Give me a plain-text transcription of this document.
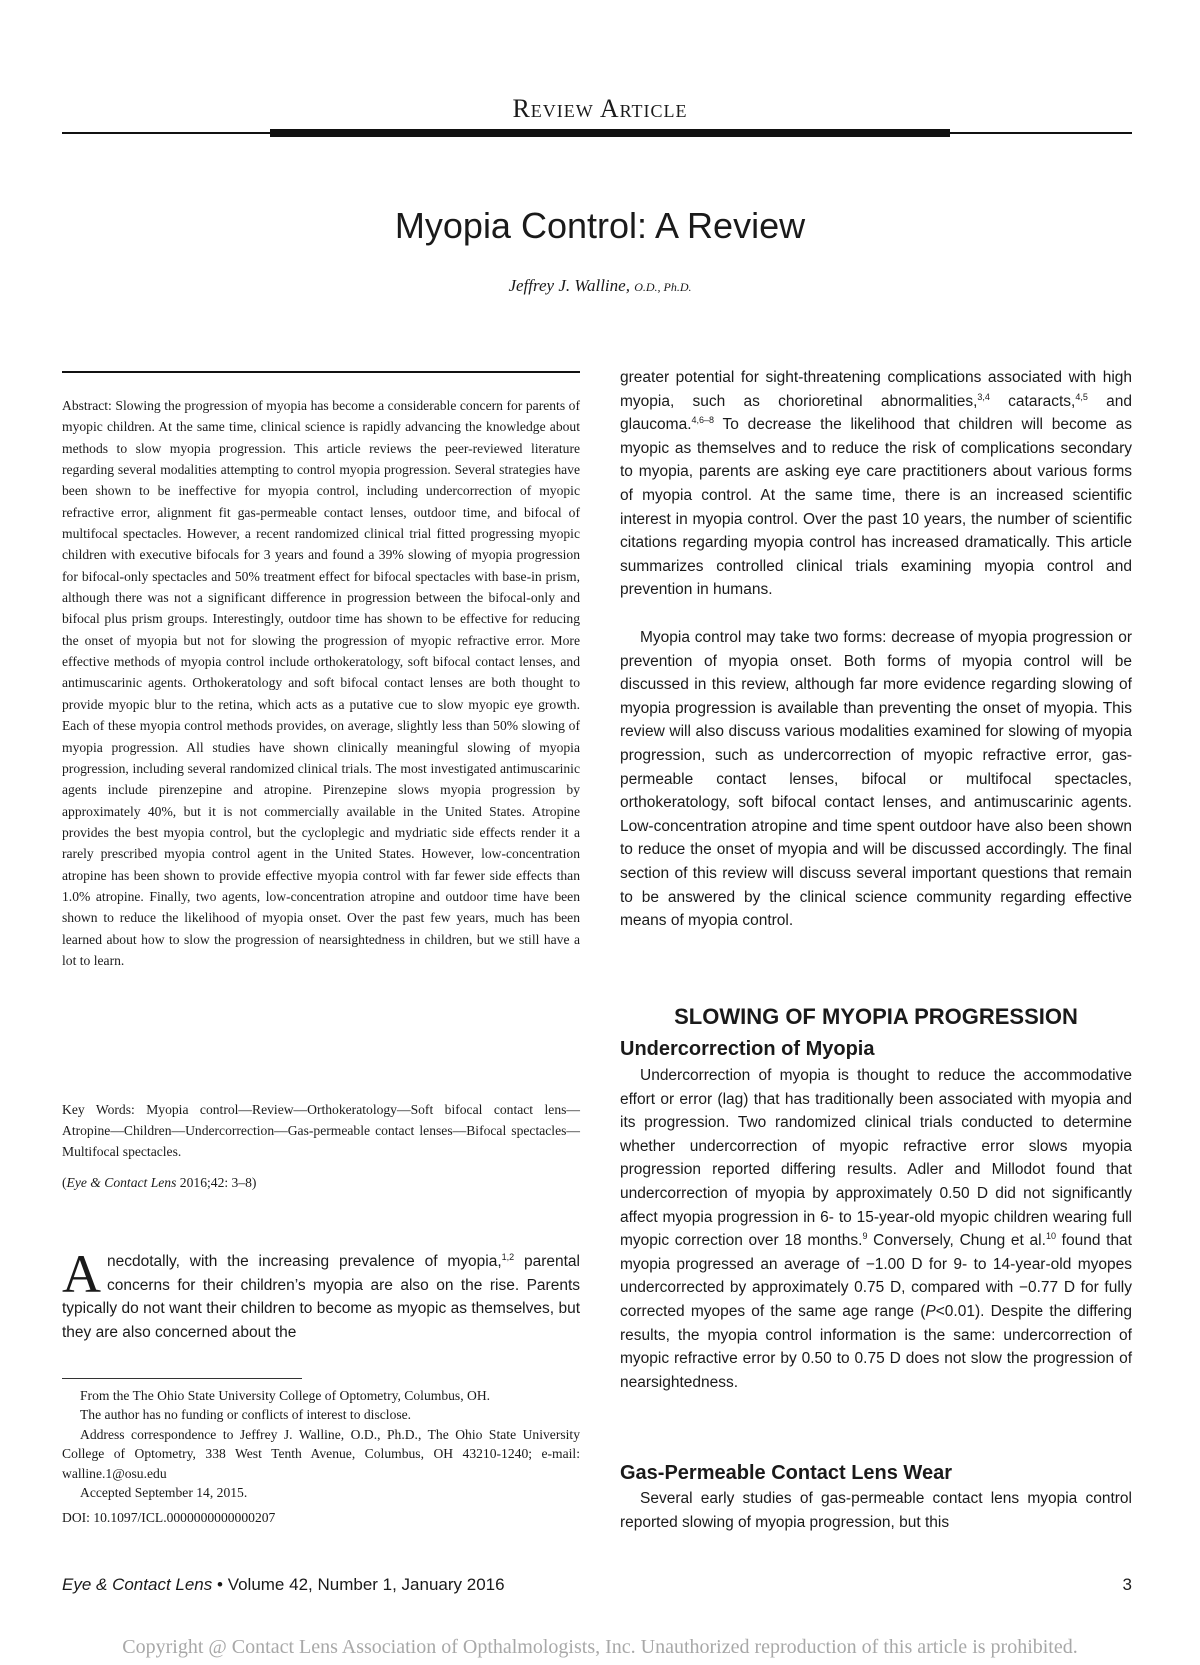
Review Article
Myopia Control: A Review
Jeffrey J. Walline, O.D., Ph.D.
Abstract: Slowing the progression of myopia has become a considerable concern for parents of myopic children. At the same time, clinical science is rapidly advancing the knowledge about methods to slow myopia progression. This article reviews the peer-reviewed literature regarding several modalities attempting to control myopia progression. Several strategies have been shown to be ineffective for myopia control, including undercorrection of myopic refractive error, alignment fit gas-permeable contact lenses, outdoor time, and bifocal of multifocal spectacles. However, a recent randomized clinical trial fitted progressing myopic children with executive bifocals for 3 years and found a 39% slowing of myopia progression for bifocal-only spectacles and 50% treatment effect for bifocal spectacles with base-in prism, although there was not a significant difference in progression between the bifocal-only and bifocal plus prism groups. Interestingly, outdoor time has shown to be effective for reducing the onset of myopia but not for slowing the progression of myopic refractive error. More effective methods of myopia control include orthokeratology, soft bifocal contact lenses, and antimuscarinic agents. Orthokeratology and soft bifocal contact lenses are both thought to provide myopic blur to the retina, which acts as a putative cue to slow myopic eye growth. Each of these myopia control methods provides, on average, slightly less than 50% slowing of myopia progression. All studies have shown clinically meaningful slowing of myopia progression, including several randomized clinical trials. The most investigated antimuscarinic agents include pirenzepine and atropine. Pirenzepine slows myopia progression by approximately 40%, but it is not commercially available in the United States. Atropine provides the best myopia control, but the cycloplegic and mydriatic side effects render it a rarely prescribed myopia control agent in the United States. However, low-concentration atropine has been shown to provide effective myopia control with far fewer side effects than 1.0% atropine. Finally, two agents, low-concentration atropine and outdoor time have been shown to reduce the likelihood of myopia onset. Over the past few years, much has been learned about how to slow the progression of nearsightedness in children, but we still have a lot to learn.
Key Words: Myopia control—Review—Orthokeratology—Soft bifocal contact lens—Atropine—Children—Undercorrection—Gas-permeable contact lenses—Bifocal spectacles—Multifocal spectacles.
(Eye & Contact Lens 2016;42: 3–8)
Anecdotally, with the increasing prevalence of myopia,$^{1,2}$ parental concerns for their children’s myopia are also on the rise. Parents typically do not want their children to become as myopic as themselves, but they are also concerned about the

From the The Ohio State University College of Optometry, Columbus, OH.

The author has no funding or conflicts of interest to disclose.

Address correspondence to Jeffrey J. Walline, O.D., Ph.D., The Ohio State University College of Optometry, 338 West Tenth Avenue, Columbus, OH 43210-1240; e-mail: walline.1@osu.edu

Accepted September 14, 2015.

DOI: 10.1097/ICL.0000000000000207

greater potential for sight-threatening complications associated with high myopia, such as chorioretinal abnormalities,$^{3,4}$ cataracts,$^{4,5}$ and glaucoma.$^{4,6-8}$ To decrease the likelihood that children will become as myopic as themselves and to reduce the risk of complications secondary to myopia, parents are asking eye care practitioners about various forms of myopia control. At the same time, there is an increased scientific interest in myopia control. Over the past 10 years, the number of scientific citations regarding myopia control has increased dramatically. This article summarizes controlled clinical trials examining myopia control and prevention in humans.
Myopia control may take two forms: decrease of myopia progression or prevention of myopia onset. Both forms of myopia control will be discussed in this review, although far more evidence regarding slowing of myopia progression is available than preventing the onset of myopia. This review will also discuss various modalities examined for slowing of myopia progression, such as undercorrection of myopic refractive error, gas-permeable contact lenses, bifocal or multifocal spectacles, orthokeratology, soft bifocal contact lenses, and antimuscarinic agents. Low-concentration atropine and time spent outdoor have also been shown to reduce the onset of myopia and will be discussed accordingly. The final section of this review will discuss several important questions that remain to be answered by the clinical science community regarding effective means of myopia control.
SLOWING OF MYOPIA PROGRESSION
Undercorrection of Myopia
Undercorrection of myopia is thought to reduce the accommodative effort or error (lag) that has traditionally been associated with myopia and its progression. Two randomized clinical trials conducted to determine whether undercorrection of myopic refractive error slows myopia progression reported differing results. Adler and Millodot found that undercorrection of myopia by approximately 0.50 D did not significantly affect myopia progression in 6- to 15-year-old myopic children wearing full myopic correction over 18 months.$^9$ Conversely, Chung et al.$^{10}$ found that myopia progressed an average of −1.00 D for 9- to 14-year-old myopes undercorrected by approximately 0.75 D, compared with −0.77 D for fully corrected myopes of the same age range (P<0.01). Despite the differing results, the myopia control information is the same: undercorrection of myopic refractive error by 0.50 to 0.75 D does not slow the progression of nearsightedness.
Gas-Permeable Contact Lens Wear
Several early studies of gas-permeable contact lens myopia control reported slowing of myopia progression, but this
Eye & Contact Lens • Volume 42, Number 1, January 2016	3
Copyright @ Contact Lens Association of Opthalmologists, Inc. Unauthorized reproduction of this article is prohibited.
